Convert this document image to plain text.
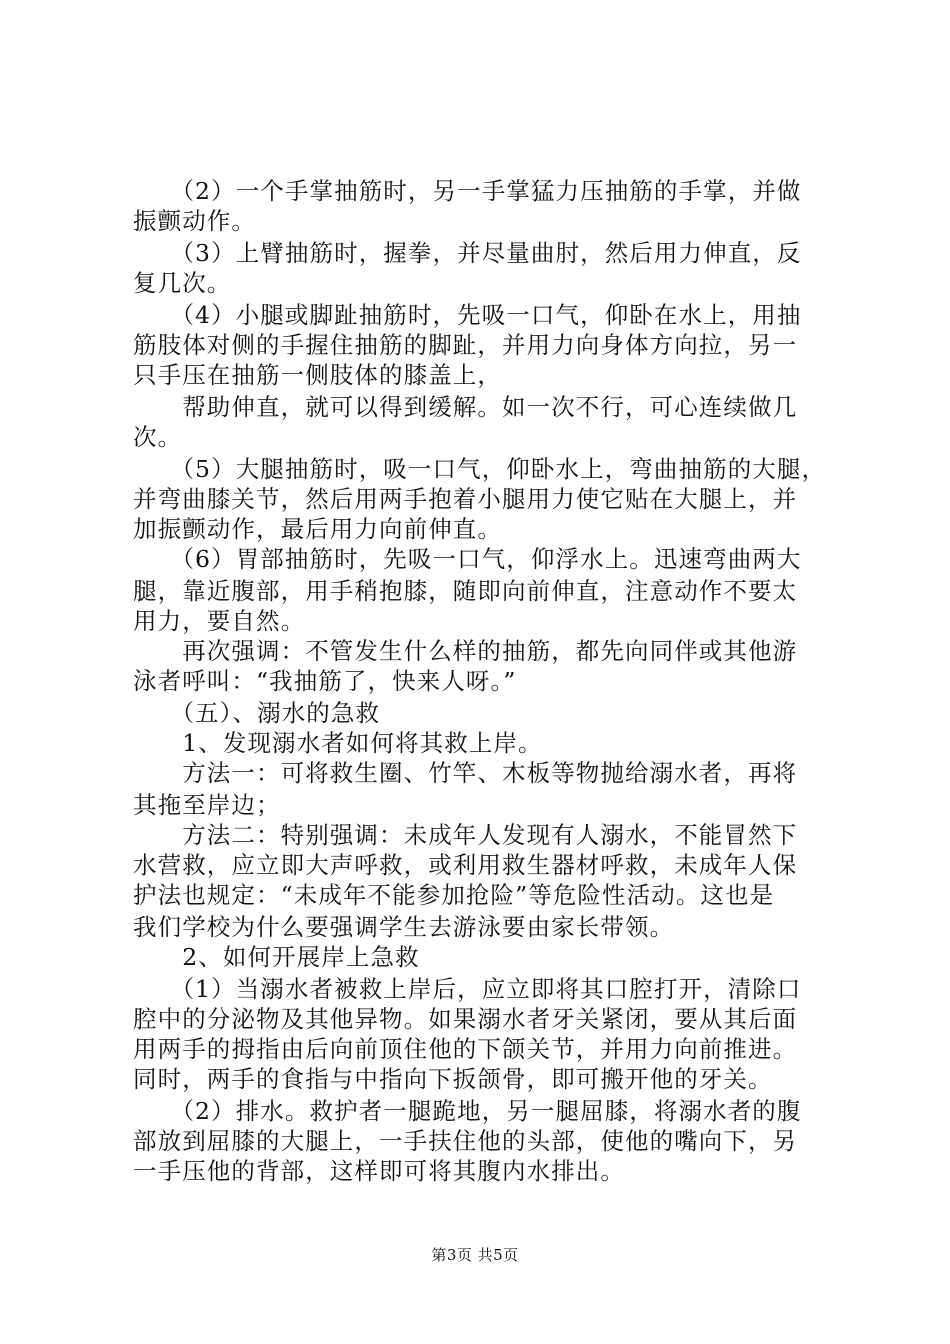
　　（2）一个手掌抽筋时，另一手掌猛力压抽筋的手掌，并做
振颤动作。
　　（3）上臂抽筋时，握拳，并尽量曲肘，然后用力伸直，反
复几次。
　　（4）小腿或脚趾抽筋时，先吸一口气，仰卧在水上，用抽
筋肢体对侧的手握住抽筋的脚趾，并用力向身体方向拉，另一
只手压在抽筋一侧肢体的膝盖上，
　　帮助伸直，就可以得到缓解。如一次不行，可心连续做几
次。
　　（5）大腿抽筋时，吸一口气，仰卧水上，弯曲抽筋的大腿，
并弯曲膝关节，然后用两手抱着小腿用力使它贴在大腿上，并
加振颤动作，最后用力向前伸直。
　　（6）胃部抽筋时，先吸一口气，仰浮水上。迅速弯曲两大
腿，靠近腹部，用手稍抱膝，随即向前伸直，注意动作不要太
用力，要自然。
　　再次强调：不管发生什么样的抽筋，都先向同伴或其他游
泳者呼叫：“我抽筋了，快来人呀。”
　　（五）、溺水的急救
　　1、发现溺水者如何将其救上岸。
　　方法一：可将救生圈、竹竿、木板等物抛给溺水者，再将
其拖至岸边；
　　方法二：特别强调：未成年人发现有人溺水，不能冒然下
水营救，应立即大声呼救，或利用救生器材呼救，未成年人保
护法也规定：“未成年不能参加抢险”等危险性活动。这也是
我们学校为什么要强调学生去游泳要由家长带领。
　　2、如何开展岸上急救
　　（1）当溺水者被救上岸后，应立即将其口腔打开，清除口
腔中的分泌物及其他异物。如果溺水者牙关紧闭，要从其后面
用两手的拇指由后向前顶住他的下颌关节，并用力向前推进。
同时，两手的食指与中指向下扳颌骨，即可搬开他的牙关。
　　（2）排水。救护者一腿跪地，另一腿屈膝，将溺水者的腹
部放到屈膝的大腿上，一手扶住他的头部，使他的嘴向下，另
一手压他的背部，这样即可将其腹内水排出。
第3页 共5页
